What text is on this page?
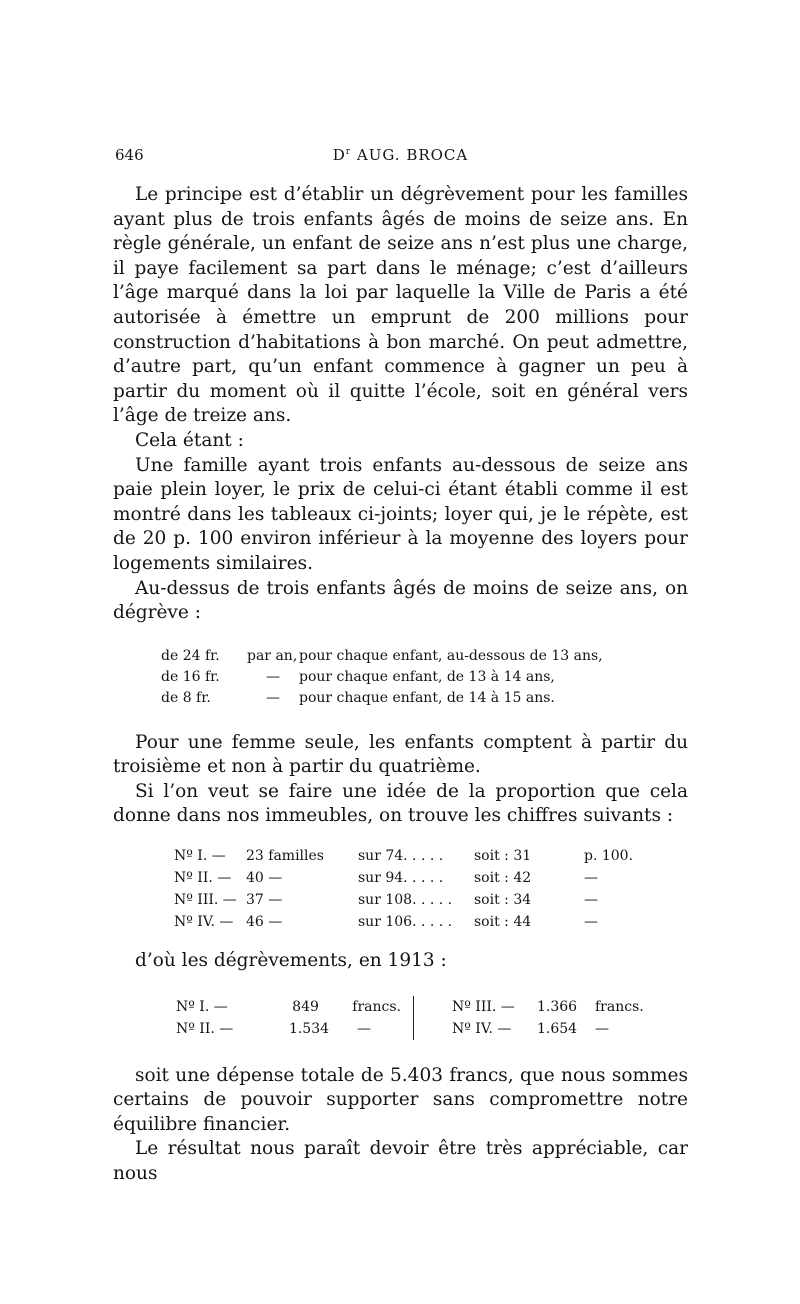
646	$D^r$ AUG. BROCA

Le principe est d’établir un dégrèvement pour les familles ayant plus de trois enfants âgés de moins de seize ans. En règle générale, un enfant de seize ans n’est plus une charge, il paye facilement sa part dans le ménage; c’est d’ailleurs l’âge marqué dans la loi par laquelle la Ville de Paris a été autorisée à émettre un emprunt de 200 millions pour construction d’habitations à bon marché. On peut admettre, d’autre part, qu’un enfant commence à gagner un peu à partir du moment où il quitte l’école, soit en général vers l’âge de treize ans.

Cela étant :

Une famille ayant trois enfants au-dessous de seize ans paie plein loyer, le prix de celui-ci étant établi comme il est montré dans les tableaux ci-joints; loyer qui, je le répète, est de 20 p. 100 environ inférieur à la moyenne des loyers pour logements similaires.

Au-dessus de trois enfants âgés de moins de seize ans, on dégrève :

de 24 fr.	par an, pour chaque enfant, au-dessous de 13 ans,
de 16 fr.	—	pour chaque enfant, de 13 à 14 ans,
de 8 fr.	—	pour chaque enfant, de 14 à 15 ans.

Pour une femme seule, les enfants comptent à partir du troisième et non à partir du quatrième.

Si l’on veut se faire une idée de la proportion que cela donne dans nos immeubles, on trouve les chiffres suivants :

Nº I. —	23 familles	sur 74. . . . .	soit : 31	p. 100.
Nº II. —	40 —	sur 94. . . . .	soit : 42	—
Nº III. — 37 —	sur 108. . . . .	soit : 34	—
Nº IV. — 46 —	sur 106. . . . .	soit : 44	—

d’où les dégrèvements, en 1913 :

Nº I. —	849	francs.
Nº II. —	1.534	—
Nº III. —	1.366	francs.
Nº IV. —	1.654	—

soit une dépense totale de 5.403 francs, que nous sommes certains de pouvoir supporter sans compromettre notre équilibre financier.

Le résultat nous paraît devoir être très appréciable, car nous
